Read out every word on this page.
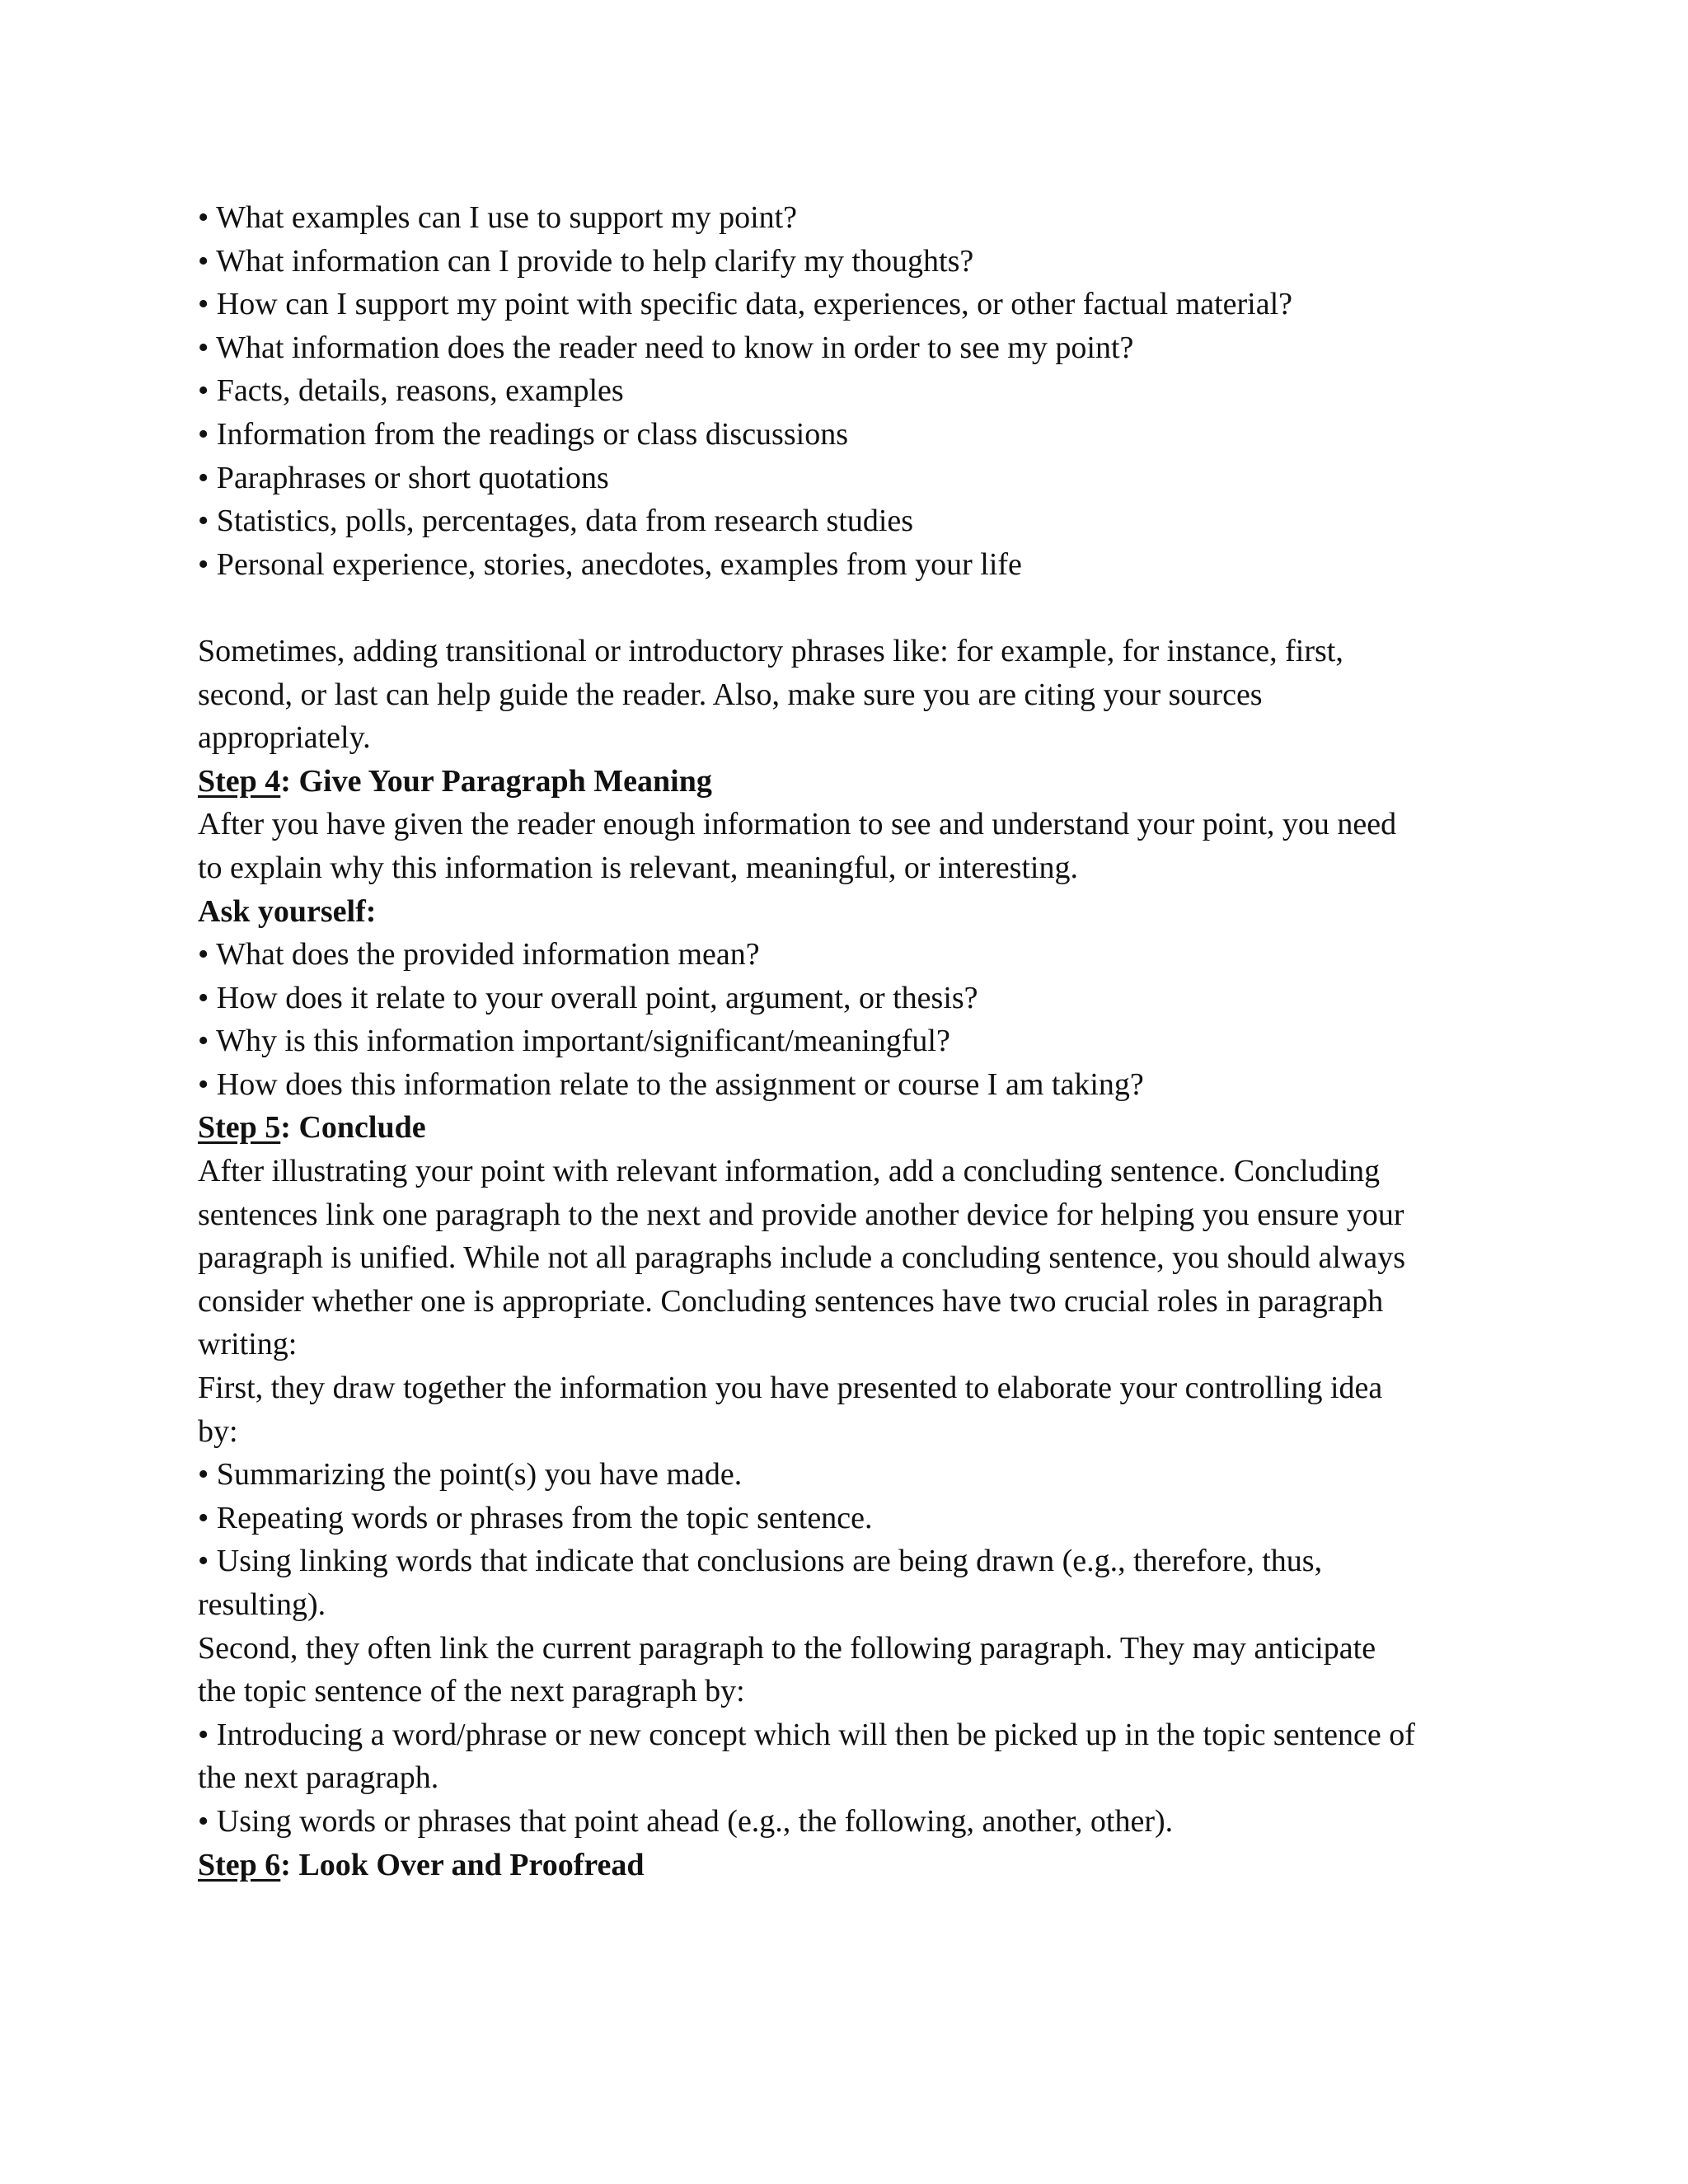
• What examples can I use to support my point?
• What information can I provide to help clarify my thoughts?
• How can I support my point with specific data, experiences, or other factual material?
• What information does the reader need to know in order to see my point?
• Facts, details, reasons, examples
• Information from the readings or class discussions
• Paraphrases or short quotations
• Statistics, polls, percentages, data from research studies
• Personal experience, stories, anecdotes, examples from your life
Sometimes, adding transitional or introductory phrases like: for example, for instance, first,
second, or last can help guide the reader. Also, make sure you are citing your sources
appropriately.
Step 4: Give Your Paragraph Meaning
After you have given the reader enough information to see and understand your point, you need
to explain why this information is relevant, meaningful, or interesting.
Ask yourself:
• What does the provided information mean?
• How does it relate to your overall point, argument, or thesis?
• Why is this information important/significant/meaningful?
• How does this information relate to the assignment or course I am taking?
Step 5: Conclude
After illustrating your point with relevant information, add a concluding sentence. Concluding
sentences link one paragraph to the next and provide another device for helping you ensure your
paragraph is unified. While not all paragraphs include a concluding sentence, you should always
consider whether one is appropriate. Concluding sentences have two crucial roles in paragraph
writing:
First, they draw together the information you have presented to elaborate your controlling idea
by:
• Summarizing the point(s) you have made.
• Repeating words or phrases from the topic sentence.
• Using linking words that indicate that conclusions are being drawn (e.g., therefore, thus,
resulting).
Second, they often link the current paragraph to the following paragraph. They may anticipate
the topic sentence of the next paragraph by:
• Introducing a word/phrase or new concept which will then be picked up in the topic sentence of
the next paragraph.
• Using words or phrases that point ahead (e.g., the following, another, other).
Step 6: Look Over and Proofread
